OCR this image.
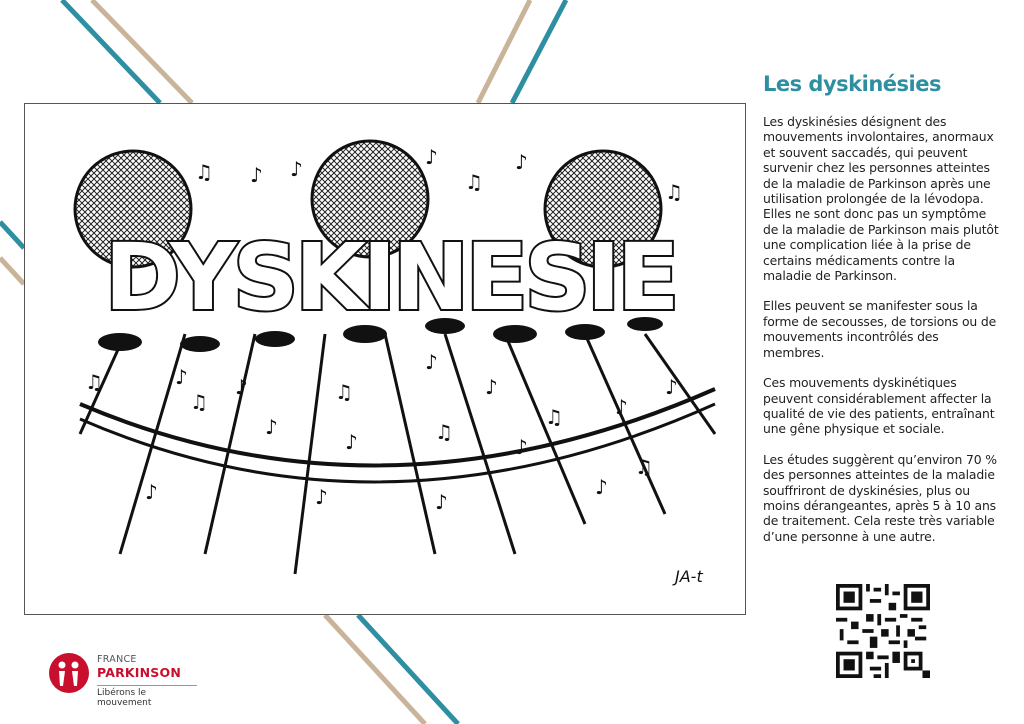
DYSKINESIE
♫ ♪ ♪	♪
♫
♪
♫
♫	♪
♫
♪	♫
♪
♪
♫
♪
♫	♪
♫
♪
♪	♪	♪
♪
♪
♪
JA-t
Les dyskinésies

Les dyskinésies désignent des mouvements involontaires, anormaux et souvent saccadés, qui peuvent survenir chez les personnes atteintes de la maladie de Parkinson après une utilisation prolongée de la lévodopa. Elles ne sont donc pas un symptôme de la maladie de Parkinson mais plutôt une complication liée à la prise de certains médicaments contre la maladie de Parkinson.

Elles peuvent se manifester sous la forme de secousses, de torsions ou de mouvements incontrôlés des membres.

Ces mouvements dyskinétiques peuvent considérablement affecter la qualité de vie des patients, entraînant une gêne physique et sociale.

Les études suggèrent qu’environ 70 % des personnes atteintes de la maladie souffriront de dyskinésies, plus ou moins dérangeantes, après 5 à 10 ans de traitement. Cela reste très variable d’une personne à une autre.

FRANCE
PARKINSON
Libérons le mouvement
